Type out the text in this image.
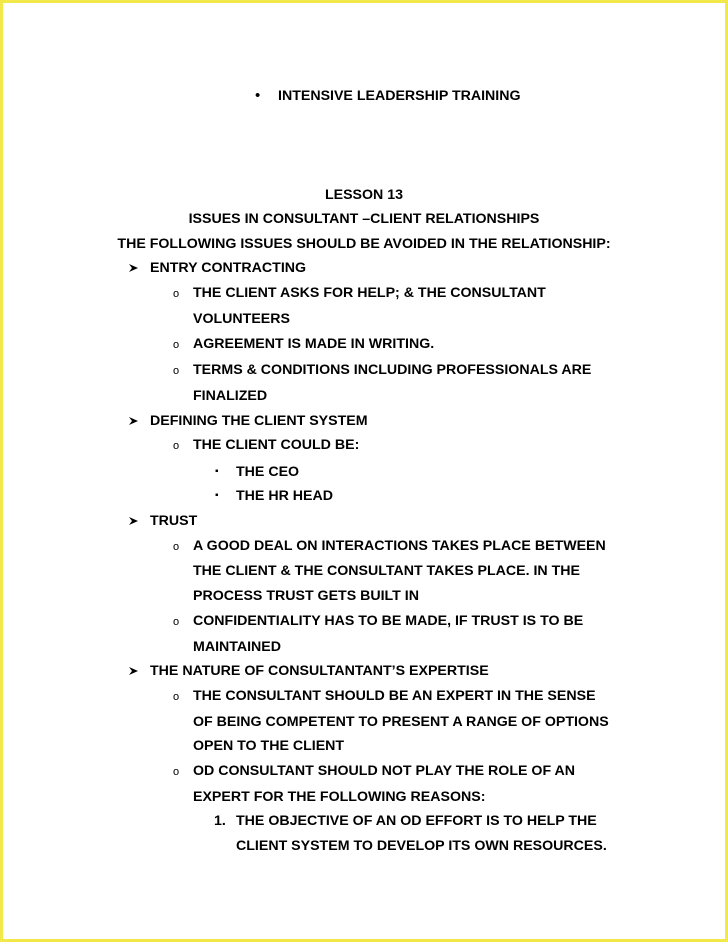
• INTENSIVE LEADERSHIP TRAINING
LESSON 13
ISSUES IN CONSULTANT –CLIENT RELATIONSHIPS
THE FOLLOWING ISSUES SHOULD BE AVOIDED IN THE RELATIONSHIP:
ENTRY CONTRACTING
o THE CLIENT ASKS FOR HELP; & THE CONSULTANT
VOLUNTEERS
o AGREEMENT IS MADE IN WRITING.
o TERMS & CONDITIONS INCLUDING PROFESSIONALS ARE
FINALIZED
DEFINING THE CLIENT SYSTEM
o THE CLIENT COULD BE:
▪ THE CEO
▪ THE HR HEAD
TRUST
o A GOOD DEAL ON INTERACTIONS TAKES PLACE BETWEEN
THE CLIENT & THE CONSULTANT TAKES PLACE. IN THE
PROCESS TRUST GETS BUILT IN
o CONFIDENTIALITY HAS TO BE MADE, IF TRUST IS TO BE
MAINTAINED
THE NATURE OF CONSULTANTANT’S EXPERTISE
o THE CONSULTANT SHOULD BE AN EXPERT IN THE SENSE
OF BEING COMPETENT TO PRESENT A RANGE OF OPTIONS
OPEN TO THE CLIENT
o OD CONSULTANT SHOULD NOT PLAY THE ROLE OF AN
EXPERT FOR THE FOLLOWING REASONS:
1. THE OBJECTIVE OF AN OD EFFORT IS TO HELP THE
CLIENT SYSTEM TO DEVELOP ITS OWN RESOURCES.
